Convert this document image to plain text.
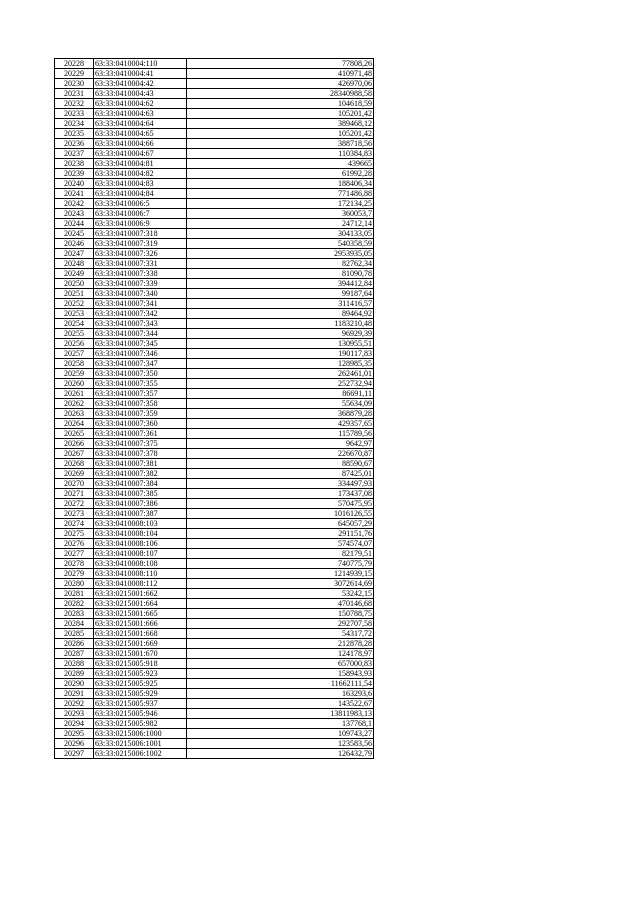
20228	63:33:0410004:110	77808,26
20229	63:33:0410004:41	410971,48
20230	63:33:0410004:42	426970,06
20231	63:33:0410004:43	28340988,58
20232	63:33:0410004:62	104618,59
20233	63:33:0410004:63	105201,42
20234	63:33:0410004:64	389468,12
20235	63:33:0410004:65	105201,42
20236	63:33:0410004:66	388718,56
20237	63:33:0410004:67	110384,83
20238	63:33:0410004:81	439665
20239	63:33:0410004:82	61992,28
20240	63:33:0410004:83	188406,34
20241	63:33:0410004:84	771486,88
20242	63:33:0410006:5	172134,25
20243	63:33:0410006:7	360053,7
20244	63:33:0410006:9	24712,14
20245	63:33:0410007:318	304133,05
20246	63:33:0410007:319	540358,59
20247	63:33:0410007:326	2953935,05
20248	63:33:0410007:331	82762,34
20249	63:33:0410007:338	81090,78
20250	63:33:0410007:339	394412,84
20251	63:33:0410007:340	99187,64
20252	63:33:0410007:341	311416,57
20253	63:33:0410007:342	89464,92
20254	63:33:0410007:343	1183210,48
20255	63:33:0410007:344	96929,39
20256	63:33:0410007:345	130955,51
20257	63:33:0410007:346	190117,83
20258	63:33:0410007:347	128985,35
20259	63:33:0410007:350	262461,01
20260	63:33:0410007:355	252732,94
20261	63:33:0410007:357	86691,11
20262	63:33:0410007:358	55634,09
20263	63:33:0410007:359	368879,28
20264	63:33:0410007:360	429357,65
20265	63:33:0410007:361	115789,56
20266	63:33:0410007:375	9642,97
20267	63:33:0410007:378	226670,87
20268	63:33:0410007:381	88590,67
20269	63:33:0410007:382	87425,01
20270	63:33:0410007:384	334497,93
20271	63:33:0410007:385	173437,08
20272	63:33:0410007:386	570475,95
20273	63:33:0410007:387	1016126,55
20274	63:33:0410008:103	645057,29
20275	63:33:0410008:104	291151,76
20276	63:33:0410008:106	574574,07
20277	63:33:0410008:107	82179,51
20278	63:33:0410008:108	740775,79
20279	63:33:0410008:110	1214939,15
20280	63:33:0410008:112	3072614,69
20281	63:33:0215001:662	53242,15
20282	63:33:0215001:664	470146,68
20283	63:33:0215001:665	150788,75
20284	63:33:0215001:666	292707,58
20285	63:33:0215001:668	54317,72
20286	63:33:0215001:669	212878,28
20287	63:33:0215001:670	124178,97
20288	63:33:0215005:918	657000,83
20289	63:33:0215005:923	158943,93
20290	63:33:0215005:925	11662111,54
20291	63:33:0215005:929	163293,6
20292	63:33:0215005:937	143522,67
20293	63:33:0215005:946	13811983,13
20294	63:33:0215005:982	137768,1
20295	63:33:0215006:1000	109743,27
20296	63:33:0215006:1001	123583,56
20297	63:33:0215006:1002	126432,79
